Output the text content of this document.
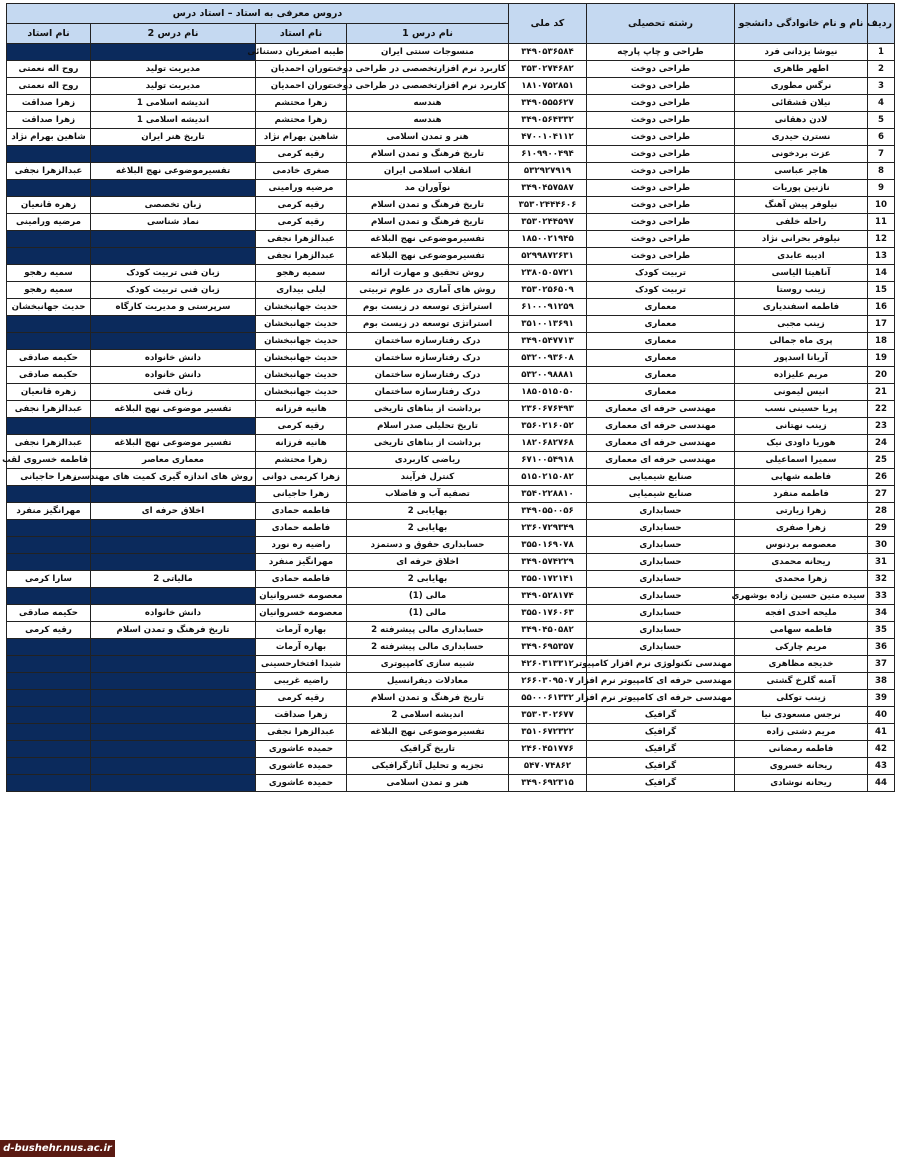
ردیف	نام و نام خانوادگی دانشجو	رشته تحصیلی	کد ملی	دروس معرفی به استاد – استاد درس			
				نام درس 1	نام استاد	نام درس 2	نام استاد
1	نیوشا یزدانی فرد	طراحی و چاپ پارچه	۳۴۹۰۵۳۶۵۸۴	منسوجات سنتی ایران	طیبه اصغریان دستنائی		
2	اطهر طاهری	طراحی دوخت	۳۵۳۰۲۷۴۶۸۲	کاربرد نرم افزارتخصصی در طراحی دوخت	توران احمدیان	مدیریت تولید	روح اله نعمتی
3	نرگس مطوری	طراحی دوخت	۱۸۱۰۷۵۲۸۵۱	کاربرد نرم افزارتخصصی در طراحی دوخت	توران احمدیان	مدیریت تولید	روح اله نعمتی
4	نیلان قشقائی	طراحی دوخت	۳۴۹۰۵۵۵۶۲۷	هندسه	زهرا محتشم	اندیشه اسلامی 1	زهرا صداقت
5	لادن دهقانی	طراحی دوخت	۳۴۹۰۵۶۴۳۳۲	هندسه	زهرا محتشم	اندیشه اسلامی 1	زهرا صداقت
6	نسترن حیدری	طراحی دوخت	۴۷۰۰۱۰۴۱۱۲	هنر و تمدن اسلامی	شاهین بهرام نژاد	تاریخ هنر ایران	شاهین بهرام نژاد
7	عزت بردخونی	طراحی دوخت	۶۱۰۹۹۰۰۴۹۴	تاریخ فرهنگ و تمدن اسلام	رقیه کرمی		
8	هاجر عباسی	طراحی دوخت	۵۳۲۹۲۷۹۱۹	انقلاب اسلامی ایران	صغری خادمی	تفسیرموضوعی نهج البلاغه	عبدالزهرا نجفی
9	نازنین پوریات	طراحی دوخت	۳۴۹۰۴۵۷۵۸۷	نوآوران مد	مرضیه ورامینی		
10	نیلوفر پیش آهنگ	طراحی دوخت	۳۵۳۰۲۴۴۴۶۰۶	تاریخ فرهنگ و تمدن اسلام	رقیه کرمی	زبان تخصصی	زهره قانعیان
11	راحله خلفی	طراحی دوخت	۳۵۳۰۲۴۴۵۹۷	تاریخ فرهنگ و تمدن اسلام	رقیه کرمی	نماد شناسی	مرضیه ورامینی
12	نیلوفر بحرانی نژاد	طراحی دوخت	۱۸۵۰۰۲۱۹۴۵	تفسیرموضوعی نهج البلاغه	عبدالزهرا نجفی		
13	ادیبه عابدی	طراحی دوخت	۵۲۹۹۸۷۲۶۳۱	تفسیرموضوعی نهج البلاغه	عبدالزهرا نجفی		
14	آناهیتا الیاسی	تربیت کودک	۲۳۸۰۵۰۵۷۲۱	روش تحقیق و مهارت ارائه	سمیه رهجو	زبان فنی تربیت کودک	سمیه رهجو
15	زینب روستا	تربیت کودک	۳۵۳۰۲۵۶۵۰۹	روش های آماری در علوم تربیتی	لیلی بیداری	زبان فنی تربیت کودک	سمیه رهجو
16	فاطمه اسفندیاری	معماری	۶۱۰۰۰۹۱۲۵۹	استراتژی توسعه در زیست بوم	حدیث جهانبخشان	سرپرستی و مدیریت کارگاه	حدیث جهانبخشان
17	زینب مجبی	معماری	۳۵۱۰۰۱۳۶۹۱	استراتژی توسعه در زیست بوم	حدیث جهانبخشان		
18	پری ماه جمالی	معماری	۳۴۹۰۵۴۷۷۱۳	درک رفتارسازه ساختمان	حدیث جهانبخشان		
19	آریانا اسدپور	معماری	۵۳۲۰۰۹۳۶۰۸	درک رفتارسازه ساختمان	حدیث جهانبخشان	دانش خانواده	حکیمه صادقی
20	مریم علیزاده	معماری	۵۳۲۰۰۹۸۸۸۱	درک رفتارسازه ساختمان	حدیث جهانبخشان	دانش خانواده	حکیمه صادقی
21	انیس لیمونی	معماری	۱۸۵۰۵۱۵۰۵۰	درک رفتارسازه ساختمان	حدیث جهانبخشان	زبان فنی	زهره قانعیان
22	پریا حسینی نسب	مهندسی حرفه ای معماری	۲۳۶۰۶۷۶۴۹۳	برداشت از بناهای تاریخی	هانیه فرزانه	تفسیر موضوعی نهج البلاغه	عبدالزهرا نجفی
23	زینب نهتانی	مهندسی حرفه ای معماری	۳۵۶۰۲۱۶۰۵۲	تاریخ تحلیلی صدر اسلام	رقیه کرمی		
24	هوریا داودی نیک	مهندسی حرفه ای معماری	۱۸۲۰۶۸۲۷۶۸	برداشت از بناهای تاریخی	هانیه فرزانه	تفسیر موضوعی نهج البلاغه	عبدالزهرا نجفی
25	سمیرا اسماعیلی	مهندسی حرفه ای معماری	۶۷۱۰۰۵۴۹۱۸	ریاضی کاربردی	زهرا محتشم	معماری معاصر	فاطمه خسروی لقب
26	فاطمه شهابی	صنایع شیمیایی	۵۱۵۰۲۱۵۰۸۲	کنترل فرآیند	زهرا کریمی دوانی	روش های اندازه گیری کمیت های مهندسی	زهرا حاجیانی
27	فاطمه منفرد	صنایع شیمیایی	۳۵۴۰۲۲۸۸۱۰	تصفیه آب و فاضلاب	زهرا حاجیانی		
28	زهرا زیارتی	حسابداری	۳۴۹۰۵۵۰۰۵۶	بهایابی 2	فاطمه حمادی	اخلاق حرفه ای	مهرانگیز منفرد
29	زهرا صفری	حسابداری	۲۳۶۰۷۲۹۳۴۹	بهایابی 2	فاطمه حمادی		
30	معصومه بردنوس	حسابداری	۳۵۵۰۱۶۹۰۷۸	حسابداری حقوق و دستمزد	راضیه ره نورد		
31	ریحانه محمدی	حسابداری	۳۴۹۰۵۷۴۲۲۹	اخلاق حرفه ای	مهرانگیز منفرد		
32	زهرا محمدی	حسابداری	۳۵۵۰۱۷۲۱۴۱	بهایابی 2	فاطمه حمادی	مالیاتی 2	سارا کرمی
33	سیده متین حسین زاده بوشهری	حسابداری	۳۴۹۰۵۲۸۱۷۴	مالی (1)	معصومه خسروانیان		
34	ملیحه احدی افجه	حسابداری	۳۵۵۰۱۷۶۰۶۳	مالی (1)	معصومه خسروانیان	دانش خانواده	حکیمه صادقی
35	فاطمه سهامی	حسابداری	۳۴۹۰۴۵۰۵۸۲	حسابداری مالی پیشرفته 2	بهاره آرمات	تاریخ فرهنگ و تمدن اسلام	رقیه کرمی
36	مریم چارکی	حسابداری	۳۴۹۰۶۹۵۳۵۷	حسابداری مالی پیشرفته 2	بهاره آرمات		
37	خدیجه مظاهری	مهندسی تکنولوژی نرم افزار کامپیوتر	۴۲۶۰۳۱۳۳۱۲	شبیه سازی کامپیوتری	شیدا افتخارحسینی		
38	آمنه گلرخ گشتی	مهندسی حرفه ای کامپیوتر نرم افزار	۲۶۶۰۳۰۹۵۰۷	معادلات دیفرانسیل	راضیه غریبی		
39	زینب توکلی	مهندسی حرفه ای کامپیوتر نرم افزار	۵۵۰۰۰۶۱۳۳۲	تاریخ فرهنگ و تمدن اسلام	رقیه کرمی		
40	نرجس مسعودی نیا	گرافیک	۳۵۳۰۳۰۲۶۷۷	اندیشه اسلامی 2	زهرا صداقت		
41	مریم دشتی زاده	گرافیک	۳۵۱۰۶۷۲۳۲۲	تفسیرموضوعی نهج البلاغه	عبدالزهرا نجفی		
42	فاطمه رمضانی	گرافیک	۲۴۶۰۴۵۱۷۷۶	تاریخ گرافیک	حمیده عاشوری		
43	ریحانه خسروی	گرافیک	۵۴۷۰۷۴۸۶۲	تجزیه و تحلیل آثارگرافیکی	حمیده عاشوری		
44	ریحانه نوشادی	گرافیک	۳۴۹۰۶۹۲۳۱۵	هنر و تمدن اسلامی	حمیده عاشوری		
d-bushehr.nus.ac.ir
